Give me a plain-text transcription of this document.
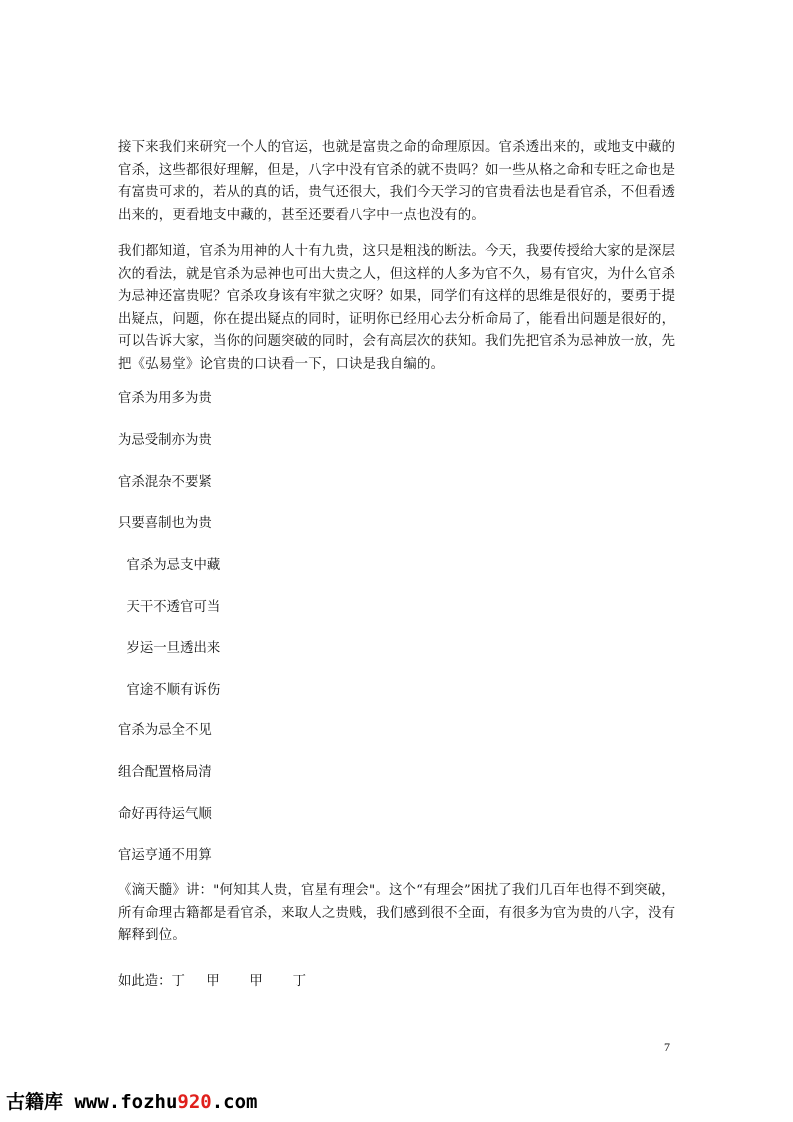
接下来我们来研究一个人的官运，也就是富贵之命的命理原因。官杀透出来的，或地支中藏的官杀，这些都很好理解，但是，八字中没有官杀的就不贵吗？如一些从格之命和专旺之命也是有富贵可求的，若从的真的话，贵气还很大，我们今天学习的官贵看法也是看官杀，不但看透出来的，更看地支中藏的，甚至还要看八字中一点也没有的。

我们都知道，官杀为用神的人十有九贵，这只是粗浅的断法。今天，我要传授给大家的是深层次的看法，就是官杀为忌神也可出大贵之人，但这样的人多为官不久，易有官灾，为什么官杀为忌神还富贵呢？官杀攻身该有牢狱之灾呀？如果，同学们有这样的思维是很好的，要勇于提出疑点，问题，你在提出疑点的同时，证明你已经用心去分析命局了，能看出问题是很好的，可以告诉大家，当你的问题突破的同时，会有高层次的获知。我们先把官杀为忌神放一放，先把《弘易堂》论官贵的口诀看一下，口诀是我自编的。

官杀为用多为贵
为忌受制亦为贵
官杀混杂不要紧
只要喜制也为贵
官杀为忌支中藏
天干不透官可当
岁运一旦透出来
官途不顺有诉伤
官杀为忌全不见
组合配置格局清
命好再待运气顺
官运亨通不用算

《滴天髓》讲："何知其人贵，官星有理会"。这个“有理会”困扰了我们几百年也得不到突破，所有命理古籍都是看官杀，来取人之贵贱，我们感到很不全面，有很多为官为贵的八字，没有解释到位。

如此造：丁     甲       甲       丁
7
古籍库 www.fozhu920.com
